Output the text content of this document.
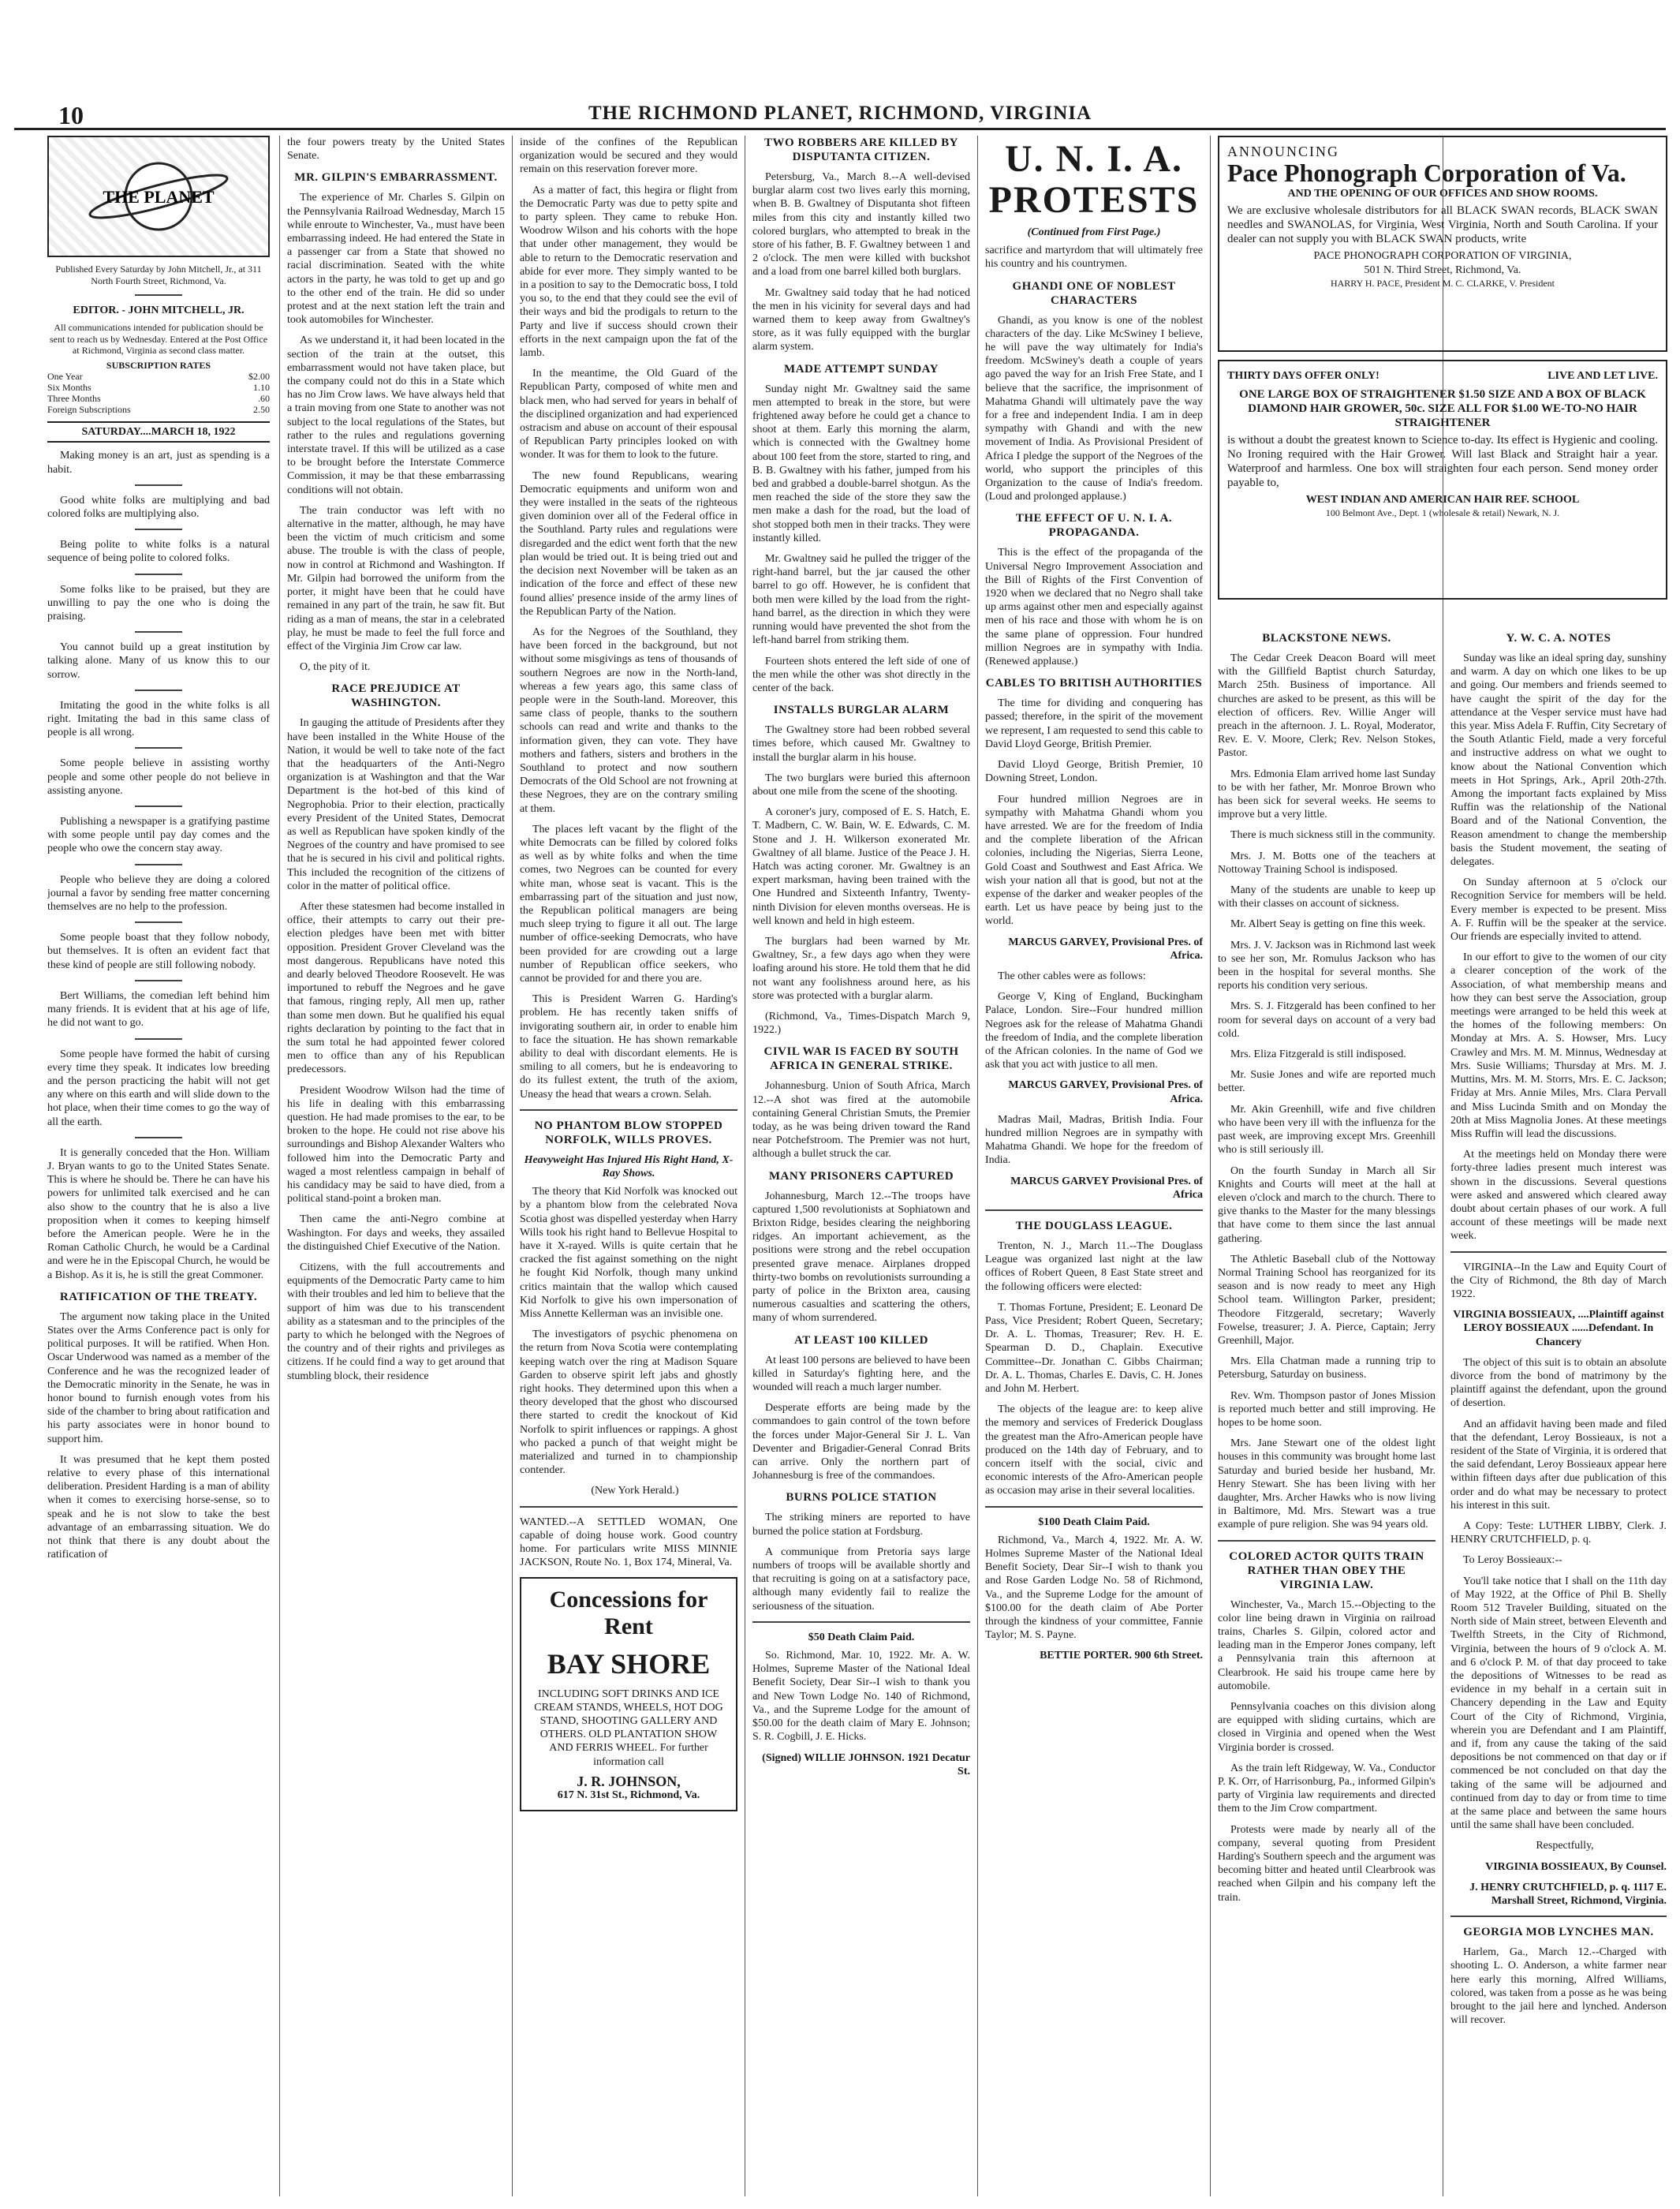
10	THE RICHMOND PLANET, RICHMOND, VIRGINIA
THE PLANET
Published Every Saturday by John Mitchell, Jr., at 311 North Fourth Street, Richmond, Va.
EDITOR. - JOHN MITCHELL, JR.
All communications intended for publication should be sent to reach us by Wednesday. Entered at the Post Office at Richmond, Virginia as second class matter.
SUBSCRIPTION RATES
One Year	$2.00
Six Months	1.10
Three Months	.60
Foreign Subscriptions	2.50
SATURDAY....MARCH 18, 1922

Making money is an art, just as spending is a habit.

Good white folks are multiplying and bad colored folks are multiplying also.

Being polite to white folks is a natural sequence of being polite to colored folks.

Some folks like to be praised, but they are unwilling to pay the one who is doing the praising.

You cannot build up a great institution by talking alone. Many of us know this to our sorrow.

Imitating the good in the white folks is all right. Imitating the bad in this same class of people is all wrong.

Some people believe in assisting worthy people and some other people do not believe in assisting anyone.

Publishing a newspaper is a gratifying pastime with some people until pay day comes and the people who owe the concern stay away.

People who believe they are doing a colored journal a favor by sending free matter concerning themselves are no help to the profession.

Some people boast that they follow nobody, but themselves. It is often an evident fact that these kind of people are still following nobody.

Bert Williams, the comedian left behind him many friends. It is evident that at his age of life, he did not want to go.

Some people have formed the habit of cursing every time they speak. It indicates low breeding and the person practicing the habit will not get any where on this earth and will slide down to the hot place, when their time comes to go the way of all the earth.

It is generally conceded that the Hon. William J. Bryan wants to go to the United States Senate. This is where he should be. There he can have his powers for unlimited talk exercised and he can also show to the country that he is also a live proposition when it comes to keeping himself before the American people. Were he in the Roman Catholic Church, he would be a Cardinal and were he in the Episcopal Church, he would be a Bishop. As it is, he is still the great Commoner.

RATIFICATION OF THE TREATY.

The argument now taking place in the United States over the Arms Conference pact is only for political purposes. It will be ratified. When Hon. Oscar Underwood was named as a member of the Conference and he was the recognized leader of the Democratic minority in the Senate, he was in honor bound to furnish enough votes from his side of the chamber to bring about ratification and his party associates were in honor bound to support him.

It was presumed that he kept them posted relative to every phase of this international deliberation. President Harding is a man of ability when it comes to exercising horse-sense, so to speak and he is not slow to take the best advantage of an embarrassing situation. We do not think that there is any doubt about the ratification of

the four powers treaty by the United States Senate.

MR. GILPIN'S EMBARRASSMENT.

The experience of Mr. Charles S. Gilpin on the Pennsylvania Railroad Wednesday, March 15 while enroute to Winchester, Va., must have been embarrassing indeed. He had entered the State in a passenger car from a State that showed no racial discrimination. Seated with the white actors in the party, he was told to get up and go to the other end of the train. He did so under protest and at the next station left the train and took automobiles for Winchester.

As we understand it, it had been located in the section of the train at the outset, this embarrassment would not have taken place, but the company could not do this in a State which has no Jim Crow laws. We have always held that a train moving from one State to another was not subject to the local regulations of the States, but rather to the rules and regulations governing interstate travel. If this will be utilized as a case to be brought before the Interstate Commerce Commission, it may be that these embarrassing conditions will not obtain.

The train conductor was left with no alternative in the matter, although, he may have been the victim of much criticism and some abuse. The trouble is with the class of people, now in control at Richmond and Washington. If Mr. Gilpin had borrowed the uniform from the porter, it might have been that he could have remained in any part of the train, he saw fit. But riding as a man of means, the star in a celebrated play, he must be made to feel the full force and effect of the Virginia Jim Crow car law.

O, the pity of it.

RACE PREJUDICE AT WASHINGTON.

In gauging the attitude of Presidents after they have been installed in the White House of the Nation, it would be well to take note of the fact that the headquarters of the Anti-Negro organization is at Washington and that the War Department is the hot-bed of this kind of Negrophobia. Prior to their election, practically every President of the United States, Democrat as well as Republican have spoken kindly of the Negroes of the country and have promised to see that he is secured in his civil and political rights. This included the recognition of the citizens of color in the matter of political office.

After these statesmen had become installed in office, their attempts to carry out their pre-election pledges have been met with bitter opposition. President Grover Cleveland was the most dangerous. Republicans have noted this and dearly beloved Theodore Roosevelt. He was importuned to rebuff the Negroes and he gave that famous, ringing reply, All men up, rather than some men down. But he qualified his equal rights declaration by pointing to the fact that in the sum total he had appointed fewer colored men to office than any of his Republican predecessors.

President Woodrow Wilson had the time of his life in dealing with this embarrassing question. He had made promises to the ear, to be broken to the hope. He could not rise above his surroundings and Bishop Alexander Walters who followed him into the Democratic Party and waged a most relentless campaign in behalf of his candidacy may be said to have died, from a political stand-point a broken man.

Then came the anti-Negro combine at Washington. For days and weeks, they assailed the distinguished Chief Executive of the Nation.

Citizens, with the full accoutrements and equipments of the Democratic Party came to him with their troubles and led him to believe that the support of him was due to his transcendent ability as a statesman and to the principles of the party to which he belonged with the Negroes of the country and of their rights and privileges as citizens. If he could find a way to get around that stumbling block, their residence

inside of the confines of the Republican organization would be secured and they would remain on this reservation forever more.

As a matter of fact, this hegira or flight from the Democratic Party was due to petty spite and to party spleen. They came to rebuke Hon. Woodrow Wilson and his cohorts with the hope that under other management, they would be able to return to the Democratic reservation and abide for ever more. They simply wanted to be in a position to say to the Democratic boss, I told you so, to the end that they could see the evil of their ways and bid the prodigals to return to the Party and live if success should crown their efforts in the next campaign upon the fat of the lamb.

In the meantime, the Old Guard of the Republican Party, composed of white men and black men, who had served for years in behalf of the disciplined organization and had experienced ostracism and abuse on account of their espousal of Republican Party principles looked on with wonder. It was for them to look to the future.

The new found Republicans, wearing Democratic equipments and uniform won and they were installed in the seats of the righteous given dominion over all of the Federal office in the Southland. Party rules and regulations were disregarded and the edict went forth that the new plan would be tried out. It is being tried out and the decision next November will be taken as an indication of the force and effect of these new found allies' presence inside of the army lines of the Republican Party of the Nation.

As for the Negroes of the Southland, they have been forced in the background, but not without some misgivings as tens of thousands of southern Negroes are now in the North-land, whereas a few years ago, this same class of people were in the South-land. Moreover, this same class of people, thanks to the southern schools can read and write and thanks to the information given, they can vote. They have mothers and fathers, sisters and brothers in the Southland to protect and now southern Democrats of the Old School are not frowning at these Negroes, they are on the contrary smiling at them.

The places left vacant by the flight of the white Democrats can be filled by colored folks as well as by white folks and when the time comes, two Negroes can be counted for every white man, whose seat is vacant. This is the embarrassing part of the situation and just now, the Republican political managers are being much sleep trying to figure it all out. The large number of office-seeking Democrats, who have been provided for are crowding out a large number of Republican office seekers, who cannot be provided for and there you are.

This is President Warren G. Harding's problem. He has recently taken sniffs of invigorating southern air, in order to enable him to face the situation. He has shown remarkable ability to deal with discordant elements. He is smiling to all comers, but he is endeavoring to do its fullest extent, the truth of the axiom, Uneasy the head that wears a crown. Selah.

NO PHANTOM BLOW STOPPED NORFOLK, WILLS PROVES.
Heavyweight Has Injured His Right Hand, X-Ray Shows.

The theory that Kid Norfolk was knocked out by a phantom blow from the celebrated Nova Scotia ghost was dispelled yesterday when Harry Wills took his right hand to Bellevue Hospital to have it X-rayed. Wills is quite certain that he cracked the fist against something on the night he fought Kid Norfolk, though many unkind critics maintain that the wallop which caused Kid Norfolk to give his own impersonation of Miss Annette Kellerman was an invisible one.

The investigators of psychic phenomena on the return from Nova Scotia were contemplating keeping watch over the ring at Madison Square Garden to observe spirit left jabs and ghostly right hooks. They determined upon this when a theory developed that the ghost who discoursed there started to credit the knockout of Kid Norfolk to spirit influences or rappings. A ghost who packed a punch of that weight might be materialized and turned in to championship contender.

(New York Herald.)

WANTED.--A SETTLED WOMAN, One capable of doing house work. Good country home. For particulars write MISS MINNIE JACKSON, Route No. 1, Box 174, Mineral, Va.

Concessions for Rent
BAY SHORE
INCLUDING SOFT DRINKS AND ICE CREAM STANDS, WHEELS, HOT DOG STAND, SHOOTING GALLERY AND OTHERS. OLD PLANTATION SHOW AND FERRIS WHEEL. For further information call
J. R. JOHNSON,
617 N. 31st St., Richmond, Va.
TWO ROBBERS ARE KILLED BY DISPUTANTA CITIZEN.

Petersburg, Va., March 8.--A well-devised burglar alarm cost two lives early this morning, when B. B. Gwaltney of Disputanta shot fifteen miles from this city and instantly killed two colored burglars, who attempted to break in the store of his father, B. F. Gwaltney between 1 and 2 o'clock. The men were killed with buckshot and a load from one barrel killed both burglars.

Mr. Gwaltney said today that he had noticed the men in his vicinity for several days and had warned them to keep away from Gwaltney's store, as it was fully equipped with the burglar alarm system.

MADE ATTEMPT SUNDAY

Sunday night Mr. Gwaltney said the same men attempted to break in the store, but were frightened away before he could get a chance to shoot at them. Early this morning the alarm, which is connected with the Gwaltney home about 100 feet from the store, started to ring, and B. B. Gwaltney with his father, jumped from his bed and grabbed a double-barrel shotgun. As the men reached the side of the store they saw the men make a dash for the road, but the load of shot stopped both men in their tracks. They were instantly killed.

Mr. Gwaltney said he pulled the trigger of the right-hand barrel, but the jar caused the other barrel to go off. However, he is confident that both men were killed by the load from the right-hand barrel, as the direction in which they were running would have prevented the shot from the left-hand barrel from striking them.

Fourteen shots entered the left side of one of the men while the other was shot directly in the center of the back.

INSTALLS BURGLAR ALARM

The Gwaltney store had been robbed several times before, which caused Mr. Gwaltney to install the burglar alarm in his house.

The two burglars were buried this afternoon about one mile from the scene of the shooting.

A coroner's jury, composed of E. S. Hatch, E. T. Madbern, C. W. Bain, W. E. Edwards, C. M. Stone and J. H. Wilkerson exonerated Mr. Gwaltney of all blame. Justice of the Peace J. H. Hatch was acting coroner. Mr. Gwaltney is an expert marksman, having been trained with the One Hundred and Sixteenth Infantry, Twenty-ninth Division for eleven months overseas. He is well known and held in high esteem.

The burglars had been warned by Mr. Gwaltney, Sr., a few days ago when they were loafing around his store. He told them that he did not want any foolishness around here, as his store was protected with a burglar alarm.

(Richmond, Va., Times-Dispatch March 9, 1922.)

CIVIL WAR IS FACED BY SOUTH AFRICA IN GENERAL STRIKE.

Johannesburg. Union of South Africa, March 12.--A shot was fired at the automobile containing General Christian Smuts, the Premier today, as he was being driven toward the Rand near Potchefstroom. The Premier was not hurt, although a bullet struck the car.

MANY PRISONERS CAPTURED

Johannesburg, March 12.--The troops have captured 1,500 revolutionists at Sophiatown and Brixton Ridge, besides clearing the neighboring ridges. An important achievement, as the positions were strong and the rebel occupation presented grave menace. Airplanes dropped thirty-two bombs on revolutionists surrounding a party of police in the Brixton area, causing numerous casualties and scattering the others, many of whom surrendered.

AT LEAST 100 KILLED

At least 100 persons are believed to have been killed in Saturday's fighting here, and the wounded will reach a much larger number.

Desperate efforts are being made by the commandoes to gain control of the town before the forces under Major-General Sir J. L. Van Deventer and Brigadier-General Conrad Brits can arrive. Only the northern part of Johannesburg is free of the commandoes.

BURNS POLICE STATION

The striking miners are reported to have burned the police station at Fordsburg.

A communique from Pretoria says large numbers of troops will be available shortly and that recruiting is going on at a satisfactory pace, although many evidently fail to realize the seriousness of the situation.

$50 Death Claim Paid.

So. Richmond, Mar. 10, 1922. Mr. A. W. Holmes, Supreme Master of the National Ideal Benefit Society, Dear Sir--I wish to thank you and New Town Lodge No. 140 of Richmond, Va., and the Supreme Lodge for the amount of $50.00 for the death claim of Mary E. Johnson; S. R. Cogbill, J. E. Hicks.

(Signed) WILLIE JOHNSON. 1921 Decatur St.
U. N. I. A. PROTESTS
(Continued from First Page.)

sacrifice and martyrdom that will ultimately free his country and his countrymen.

GHANDI ONE OF NOBLEST CHARACTERS

Ghandi, as you know is one of the noblest characters of the day. Like McSwiney I believe, he will pave the way ultimately for India's freedom. McSwiney's death a couple of years ago paved the way for an Irish Free State, and I believe that the sacrifice, the imprisonment of Mahatma Ghandi will ultimately pave the way for a free and independent India. I am in deep sympathy with Ghandi and with the new movement of India. As Provisional President of Africa I pledge the support of the Negroes of the world, who support the principles of this Organization to the cause of India's freedom. (Loud and prolonged applause.)

THE EFFECT OF U. N. I. A. PROPAGANDA.

This is the effect of the propaganda of the Universal Negro Improvement Association and the Bill of Rights of the First Convention of 1920 when we declared that no Negro shall take up arms against other men and especially against men of his race and those with whom he is on the same plane of oppression. Four hundred million Negroes are in sympathy with India. (Renewed applause.)

CABLES TO BRITISH AUTHORITIES

The time for dividing and conquering has passed; therefore, in the spirit of the movement we represent, I am requested to send this cable to David Lloyd George, British Premier.

David Lloyd George, British Premier, 10 Downing Street, London.

Four hundred million Negroes are in sympathy with Mahatma Ghandi whom you have arrested. We are for the freedom of India and the complete liberation of the African colonies, including the Nigerias, Sierra Leone, Gold Coast and Southwest and East Africa. We wish your nation all that is good, but not at the expense of the darker and weaker peoples of the earth. Let us have peace by being just to the world.

MARCUS GARVEY, Provisional Pres. of Africa.

The other cables were as follows:

George V, King of England, Buckingham Palace, London. Sire--Four hundred million Negroes ask for the release of Mahatma Ghandi the freedom of India, and the complete liberation of the African colonies. In the name of God we ask that you act with justice to all men.

MARCUS GARVEY, Provisional Pres. of Africa.

Madras Mail, Madras, British India. Four hundred million Negroes are in sympathy with Mahatma Ghandi. We hope for the freedom of India.

MARCUS GARVEY Provisional Pres. of Africa
THE DOUGLASS LEAGUE.

Trenton, N. J., March 11.--The Douglass League was organized last night at the law offices of Robert Queen, 8 East State street and the following officers were elected:

T. Thomas Fortune, President; E. Leonard De Pass, Vice President; Robert Queen, Secretary; Dr. A. L. Thomas, Treasurer; Rev. H. E. Spearman D. D., Chaplain. Executive Committee--Dr. Jonathan C. Gibbs Chairman; Dr. A. L. Thomas, Charles E. Davis, C. H. Jones and John M. Herbert.

The objects of the league are: to keep alive the memory and services of Frederick Douglass the greatest man the Afro-American people have produced on the 14th day of February, and to concern itself with the social, civic and economic interests of the Afro-American people as occasion may arise in their several localities.

$100 Death Claim Paid.

Richmond, Va., March 4, 1922. Mr. A. W. Holmes Supreme Master of the National Ideal Benefit Society, Dear Sir--I wish to thank you and Rose Garden Lodge No. 58 of Richmond, Va., and the Supreme Lodge for the amount of $100.00 for the death claim of Abe Porter through the kindness of your committee, Fannie Taylor; M. S. Payne.

BETTIE PORTER. 900 6th Street.
ANNOUNCING
Pace Phonograph Corporation of Va.
AND THE OPENING OF OUR OFFICES AND SHOW ROOMS.
We are exclusive wholesale distributors for all BLACK SWAN records, BLACK SWAN needles and SWANOLAS, for Virginia, West Virginia, North and South Carolina. If your dealer can not supply you with BLACK SWAN products, write
PACE PHONOGRAPH CORPORATION OF VIRGINIA,
501 N. Third Street, Richmond, Va.
HARRY H. PACE, President M. C. CLARKE, V. President
THIRTY DAYS OFFER ONLY!	LIVE AND LET LIVE.
ONE LARGE BOX OF STRAIGHTENER $1.50 SIZE AND A BOX OF BLACK DIAMOND HAIR GROWER, 50c. SIZE ALL FOR $1.00 WE-TO-NO HAIR STRAIGHTENER
is without a doubt the greatest known to Science to-day. Its effect is Hygienic and cooling. No Ironing required with the Hair Grower. Will last Black and Straight hair a year. Waterproof and harmless. One box will straighten four each person. Send money order payable to,
WEST INDIAN AND AMERICAN HAIR REF. SCHOOL
100 Belmont Ave., Dept. 1 (wholesale & retail) Newark, N. J.
BLACKSTONE NEWS.

The Cedar Creek Deacon Board will meet with the Gillfield Baptist church Saturday, March 25th. Business of importance. All churches are asked to be present, as this will be election of officers. Rev. Willie Anger will preach in the afternoon. J. L. Royal, Moderator, Rev. E. V. Moore, Clerk; Rev. Nelson Stokes, Pastor.

Mrs. Edmonia Elam arrived home last Sunday to be with her father, Mr. Monroe Brown who has been sick for several weeks. He seems to improve but a very little.

There is much sickness still in the community.

Mrs. J. M. Botts one of the teachers at Nottoway Training School is indisposed.

Many of the students are unable to keep up with their classes on account of sickness.

Mr. Albert Seay is getting on fine this week.

Mrs. J. V. Jackson was in Richmond last week to see her son, Mr. Romulus Jackson who has been in the hospital for several months. She reports his condition very serious.

Mrs. S. J. Fitzgerald has been confined to her room for several days on account of a very bad cold.

Mrs. Eliza Fitzgerald is still indisposed.

Mr. Susie Jones and wife are reported much better.

Mr. Akin Greenhill, wife and five children who have been very ill with the influenza for the past week, are improving except Mrs. Greenhill who is still seriously ill.

On the fourth Sunday in March all Sir Knights and Courts will meet at the hall at eleven o'clock and march to the church. There to give thanks to the Master for the many blessings that have come to them since the last annual gathering.

The Athletic Baseball club of the Nottoway Normal Training School has reorganized for its season and is now ready to meet any High School team. Willington Parker, president; Theodore Fitzgerald, secretary; Waverly Fowelse, treasurer; J. A. Pierce, Captain; Jerry Greenhill, Major.

Mrs. Ella Chatman made a running trip to Petersburg, Saturday on business.

Rev. Wm. Thompson pastor of Jones Mission is reported much better and still improving. He hopes to be home soon.

Mrs. Jane Stewart one of the oldest light houses in this community was brought home last Saturday and buried beside her husband, Mr. Henry Stewart. She has been living with her daughter, Mrs. Archer Hawks who is now living in Baltimore, Md. Mrs. Stewart was a true example of pure religion. She was 94 years old.

COLORED ACTOR QUITS TRAIN RATHER THAN OBEY THE VIRGINIA LAW.

Winchester, Va., March 15.--Objecting to the color line being drawn in Virginia on railroad trains, Charles S. Gilpin, colored actor and leading man in the Emperor Jones company, left a Pennsylvania train this afternoon at Clearbrook. He said his troupe came here by automobile.

Pennsylvania coaches on this division along are equipped with sliding curtains, which are closed in Virginia and opened when the West Virginia border is crossed.

As the train left Ridgeway, W. Va., Conductor P. K. Orr, of Harrisonburg, Pa., informed Gilpin's party of Virginia law requirements and directed them to the Jim Crow compartment.

Protests were made by nearly all of the company, several quoting from President Harding's Southern speech and the argument was becoming bitter and heated until Clearbrook was reached when Gilpin and his company left the train.

Y. W. C. A. NOTES

Sunday was like an ideal spring day, sunshiny and warm. A day on which one likes to be up and going. Our members and friends seemed to have caught the spirit of the day for the attendance at the Vesper service must have had this year. Miss Adela F. Ruffin, City Secretary of the South Atlantic Field, made a very forceful and instructive address on what we ought to know about the National Convention which meets in Hot Springs, Ark., April 20th-27th. Among the important facts explained by Miss Ruffin was the relationship of the National Board and of the National Convention, the Reason amendment to change the membership basis the Student movement, the seating of delegates.

On Sunday afternoon at 5 o'clock our Recognition Service for members will be held. Every member is expected to be present. Miss A. F. Ruffin will be the speaker at the service. Our friends are especially invited to attend.

In our effort to give to the women of our city a clearer conception of the work of the Association, of what membership means and how they can best serve the Association, group meetings were arranged to be held this week at the homes of the following members: On Monday at Mrs. A. S. Howser, Mrs. Lucy Crawley and Mrs. M. M. Minnus, Wednesday at Mrs. Susie Williams; Thursday at Mrs. M. J. Muttins, Mrs. M. M. Storrs, Mrs. E. C. Jackson; Friday at Mrs. Annie Miles, Mrs. Clara Pervall and Miss Lucinda Smith and on Monday the 20th at Miss Magnolia Jones. At these meetings Miss Ruffin will lead the discussions.

At the meetings held on Monday there were forty-three ladies present much interest was shown in the discussions. Several questions were asked and answered which cleared away doubt about certain phases of our work. A full account of these meetings will be made next week.

VIRGINIA--In the Law and Equity Court of the City of Richmond, the 8th day of March 1922.

VIRGINIA BOSSIEAUX, ....Plaintiff against LEROY BOSSIEAUX ......Defendant. In Chancery

The object of this suit is to obtain an absolute divorce from the bond of matrimony by the plaintiff against the defendant, upon the ground of desertion.

And an affidavit having been made and filed that the defendant, Leroy Bossieaux, is not a resident of the State of Virginia, it is ordered that the said defendant, Leroy Bossieaux appear here within fifteen days after due publication of this order and do what may be necessary to protect his interest in this suit.

A Copy: Teste: LUTHER LIBBY, Clerk. J. HENRY CRUTCHFIELD, p. q.

To Leroy Bossieaux:--

You'll take notice that I shall on the 11th day of May 1922, at the Office of Phil B. Shelly Room 512 Traveler Building, situated on the North side of Main street, between Eleventh and Twelfth Streets, in the City of Richmond, Virginia, between the hours of 9 o'clock A. M. and 6 o'clock P. M. of that day proceed to take the depositions of Witnesses to be read as evidence in my behalf in a certain suit in Chancery depending in the Law and Equity Court of the City of Richmond, Virginia, wherein you are Defendant and I am Plaintiff, and if, from any cause the taking of the said depositions be not commenced on that day or if commenced be not concluded on that day the taking of the same will be adjourned and continued from day to day or from time to time at the same place and between the same hours until the same shall have been concluded.

Respectfully,

VIRGINIA BOSSIEAUX, By Counsel.
J. HENRY CRUTCHFIELD, p. q. 1117 E. Marshall Street, Richmond, Virginia.
GEORGIA MOB LYNCHES MAN.

Harlem, Ga., March 12.--Charged with shooting L. O. Anderson, a white farmer near here early this morning, Alfred Williams, colored, was taken from a posse as he was being brought to the jail here and lynched. Anderson will recover.
